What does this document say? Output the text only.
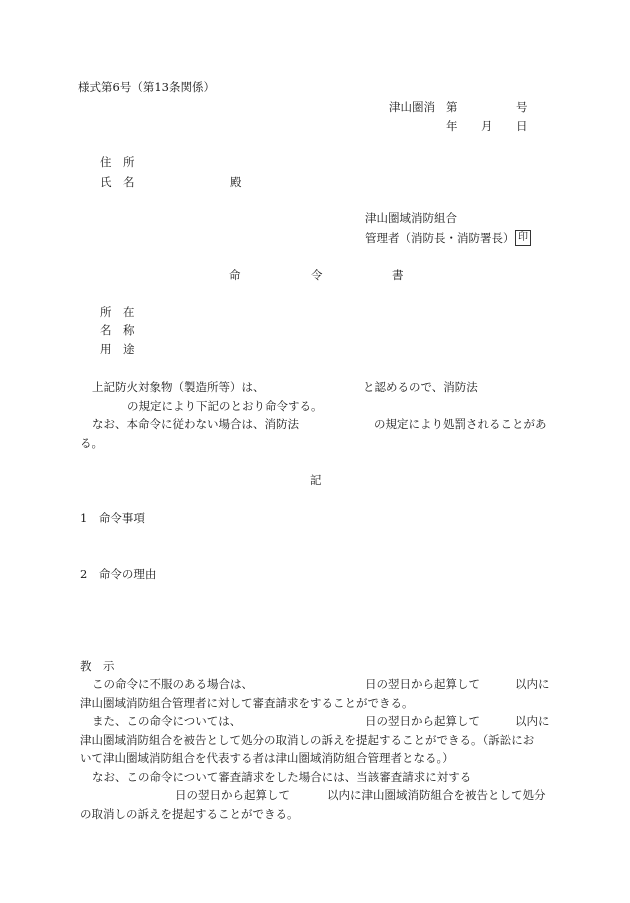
様式第6号（第13条関係）
津山圏消 第	号
年 月 日
住　所
氏　名	殿
津山圏域消防組合
管理者（消防長・消防署長） 印
命	令	書
所　在
名　称
用　途
上記防火対象物（製造所等）は、	と認めるので、消防法
の規定により下記のとおり命令する。
なお、本命令に従わない場合は、消防法	の規定により処罰されることがあ
る。
記
1　命令事項
2　命令の理由
教　示
この命令に不服のある場合は、	日の翌日から起算して	以内に
津山圏域消防組合管理者に対して審査請求をすることができる。
また、この命令については、	日の翌日から起算して	以内に
津山圏域消防組合を被告として処分の取消しの訴えを提起することができる。（訴訟にお
いて津山圏域消防組合を代表する者は津山圏域消防組合管理者となる。）
なお、この命令について審査請求をした場合には、当該審査請求に対する
日の翌日から起算して	以内に津山圏域消防組合を被告として処分
の取消しの訴えを提起することができる。
